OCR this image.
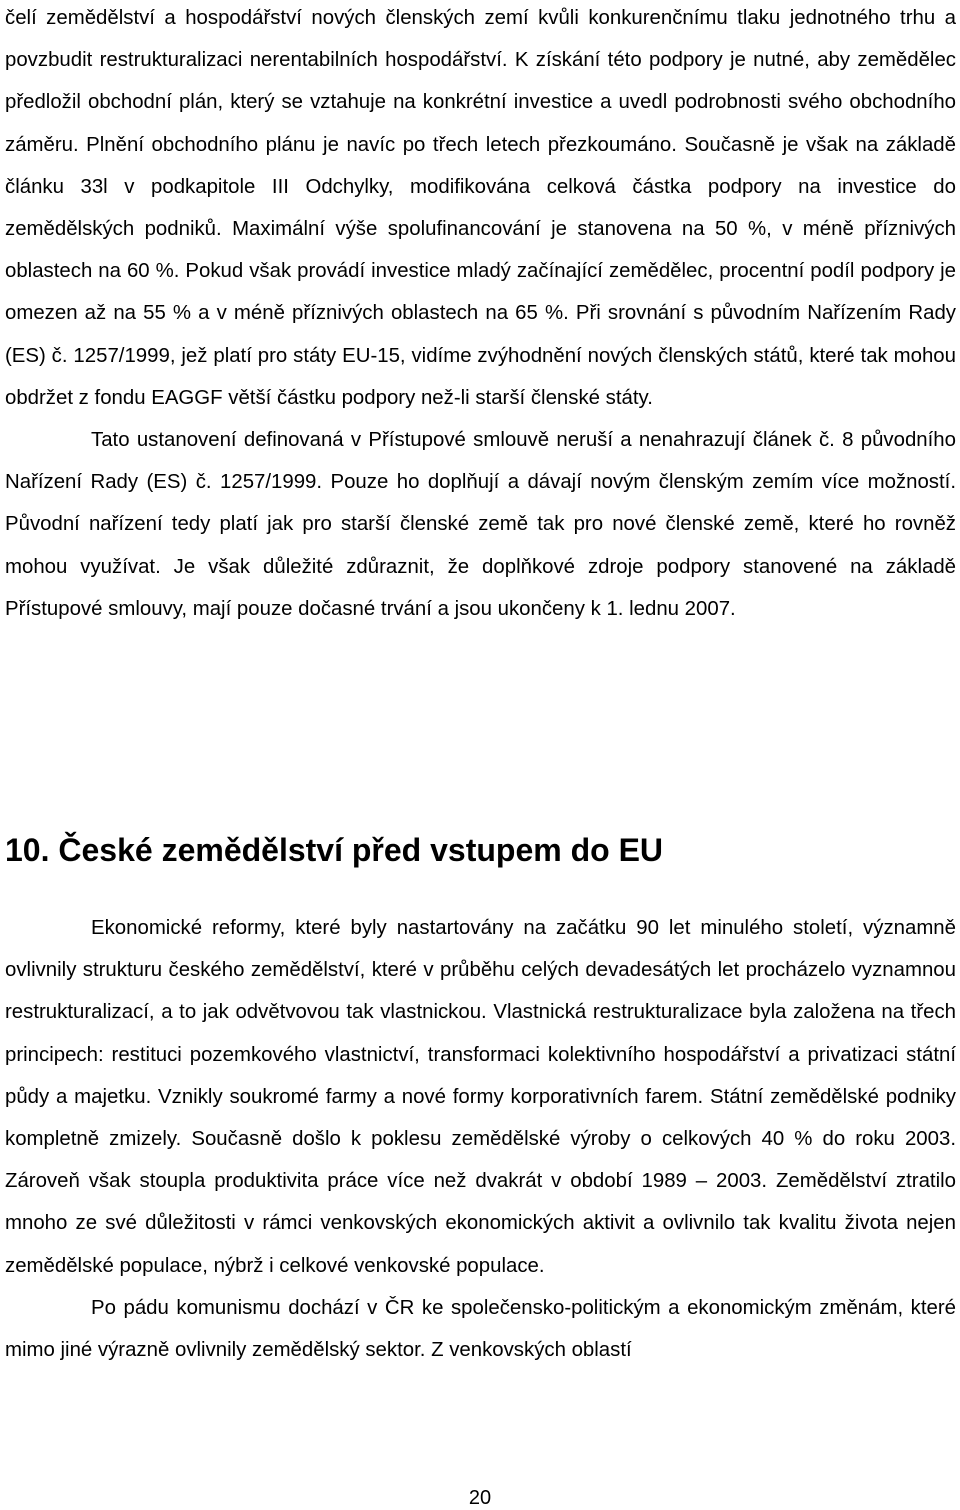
čelí zemědělství a hospodářství nových členských zemí kvůli konkurenčnímu tlaku jednotného trhu a povzbudit restrukturalizaci nerentabilních hospodářství. K získání této podpory je nutné, aby zemědělec předložil obchodní plán, který se vztahuje na konkrétní investice a uvedl podrobnosti svého obchodního záměru. Plnění obchodního plánu je navíc po třech letech přezkoumáno. Současně je však na základě článku 33l v podkapitole III Odchylky, modifikována celková částka podpory na investice do zemědělských podniků. Maximální výše spolufinancování je stanovena na 50 %, v méně příznivých oblastech na 60 %. Pokud však provádí investice mladý začínající zemědělec, procentní podíl podpory je omezen až na 55 % a v méně příznivých oblastech na 65 %. Při srovnání s původním Nařízením Rady (ES) č. 1257/1999, jež platí pro státy EU-15, vidíme zvýhodnění nových členských států, které tak mohou obdržet z fondu EAGGF větší částku podpory než-li starší členské státy.

Tato ustanovení definovaná v Přístupové smlouvě neruší a nenahrazují článek č. 8 původního Nařízení Rady (ES) č. 1257/1999. Pouze ho doplňují a dávají novým členským zemím více možností. Původní nařízení tedy platí jak pro starší členské země tak pro nové členské země, které ho rovněž mohou využívat. Je však důležité zdůraznit, že doplňkové zdroje podpory stanovené na základě Přístupové smlouvy, mají pouze dočasné trvání a jsou ukončeny k 1. lednu 2007.

10. České zemědělství před vstupem do EU

Ekonomické reformy, které byly nastartovány na začátku 90 let minulého století, významně ovlivnily strukturu českého zemědělství, které v průběhu celých devadesátých let procházelo vyznamnou restrukturalizací, a to jak odvětvovou tak vlastnickou. Vlastnická restrukturalizace byla založena na třech principech: restituci pozemkového vlastnictví, transformaci kolektivního hospodářství a privatizaci státní půdy a majetku. Vznikly soukromé farmy a nové formy korporativních farem. Státní zemědělské podniky kompletně zmizely. Současně došlo k poklesu zemědělské výroby o celkových 40 % do roku 2003. Zároveň však stoupla produktivita práce více než dvakrát v období 1989 – 2003. Zemědělství ztratilo mnoho ze své důležitosti v rámci venkovských ekonomických aktivit a ovlivnilo tak kvalitu života nejen zemědělské populace, nýbrž i celkové venkovské populace.

Po pádu komunismu dochází v ČR ke společensko-politickým a ekonomickým změnám, které mimo jiné výrazně ovlivnily zemědělský sektor. Z venkovských oblastí

20
